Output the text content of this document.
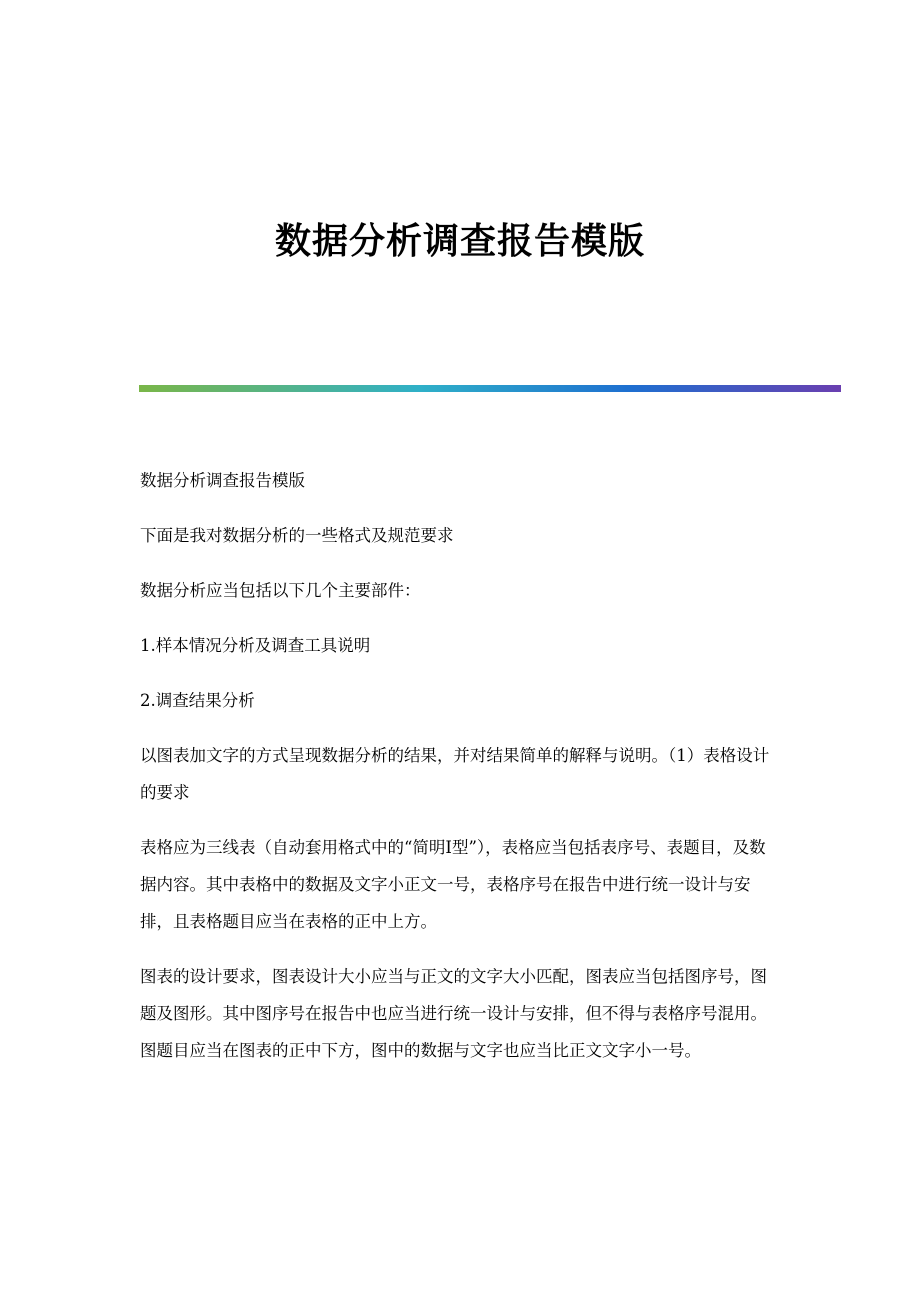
数据分析调查报告模版

数据分析调查报告模版

下面是我对数据分析的一些格式及规范要求

数据分析应当包括以下几个主要部件：

1.样本情况分析及调查工具说明

2.调查结果分析

以图表加文字的方式呈现数据分析的结果，并对结果简单的解释与说明。（1）表格设计的要求

表格应为三线表（自动套用格式中的“简明Ⅰ型”），表格应当包括表序号、表题目，及数据内容。其中表格中的数据及文字小正文一号，表格序号在报告中进行统一设计与安排，且表格题目应当在表格的正中上方。

图表的设计要求，图表设计大小应当与正文的文字大小匹配，图表应当包括图序号，图题及图形。其中图序号在报告中也应当进行统一设计与安排，但不得与表格序号混用。图题目应当在图表的正中下方，图中的数据与文字也应当比正文文字小一号。
